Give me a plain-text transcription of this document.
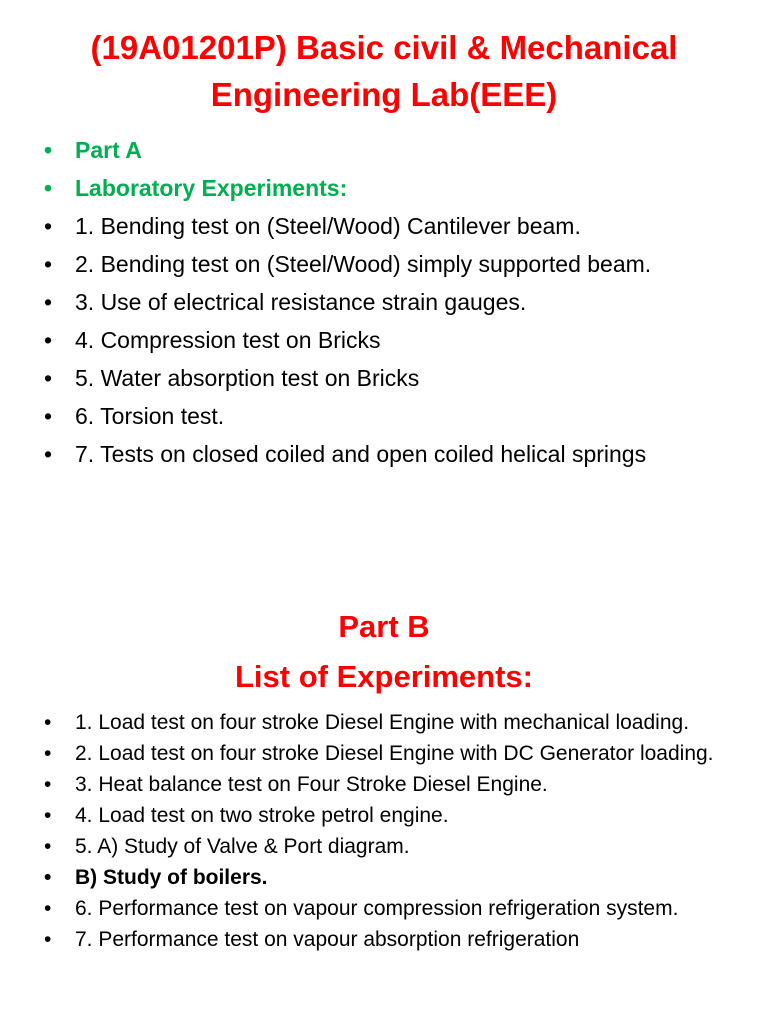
(19A01201P) Basic civil & Mechanical Engineering Lab(EEE)
• Part A
• Laboratory Experiments:
• 1. Bending test on (Steel/Wood) Cantilever beam.
• 2. Bending test on (Steel/Wood) simply supported beam.
• 3. Use of electrical resistance strain gauges.
• 4. Compression test on Bricks
• 5. Water absorption test on Bricks
• 6. Torsion test.
• 7. Tests on closed coiled and open coiled helical springs
Part B
List of Experiments:
• 1. Load test on four stroke Diesel Engine with mechanical loading.
• 2. Load test on four stroke Diesel Engine with DC Generator loading.
• 3. Heat balance test on Four Stroke Diesel Engine.
• 4. Load test on two stroke petrol engine.
• 5. A) Study of Valve & Port diagram.
• B) Study of boilers.
• 6. Performance test on vapour compression refrigeration system.
• 7. Performance test on vapour absorption refrigeration
